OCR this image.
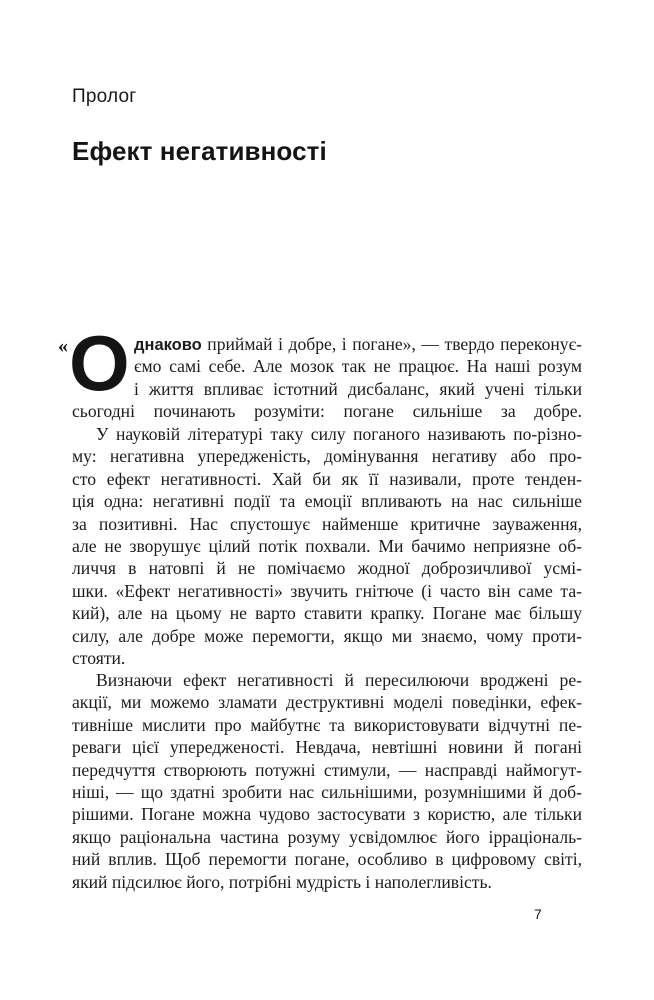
Пролог
Ефект негативності
« О днаково приймай і добре, і погане», — твердо переконує-
ємо самі себе. Але мозок так не працює. На наші розум
і життя впливає істотний дисбаланс, який учені тільки
сьогодні починають розуміти: погане сильніше за добре.
У науковій літературі таку силу поганого називають по-різно-
му: негативна упередженість, домінування негативу або про-
сто ефект негативності. Хай би як її називали, проте тенден-
ція одна: негативні події та емоції впливають на нас сильніше
за позитивні. Нас спустошує найменше критичне зауваження,
але не зворушує цілий потік похвали. Ми бачимо неприязне об-
личчя в натовпі й не помічаємо жодної доброзичливої усмі-
шки. «Ефект негативності» звучить гнітюче (і часто він саме та-
кий), але на цьому не варто ставити крапку. Погане має більшу
силу, але добре може перемогти, якщо ми знаємо, чому проти-
стояти.
Визнаючи ефект негативності й пересилюючи вроджені ре-
акції, ми можемо зламати деструктивні моделі поведінки, ефек-
тивніше мислити про майбутнє та використовувати відчутні пе-
реваги цієї упередженості. Невдача, невтішні новини й погані
передчуття створюють потужні стимули, — насправді наймогут-
ніші, — що здатні зробити нас сильнішими, розумнішими й доб-
рішими. Погане можна чудово застосувати з користю, але тільки
якщо раціональна частина розуму усвідомлює його ірраціональ-
ний вплив. Щоб перемогти погане, особливо в цифровому світі,
який підсилює його, потрібні мудрість і наполегливість.
7
